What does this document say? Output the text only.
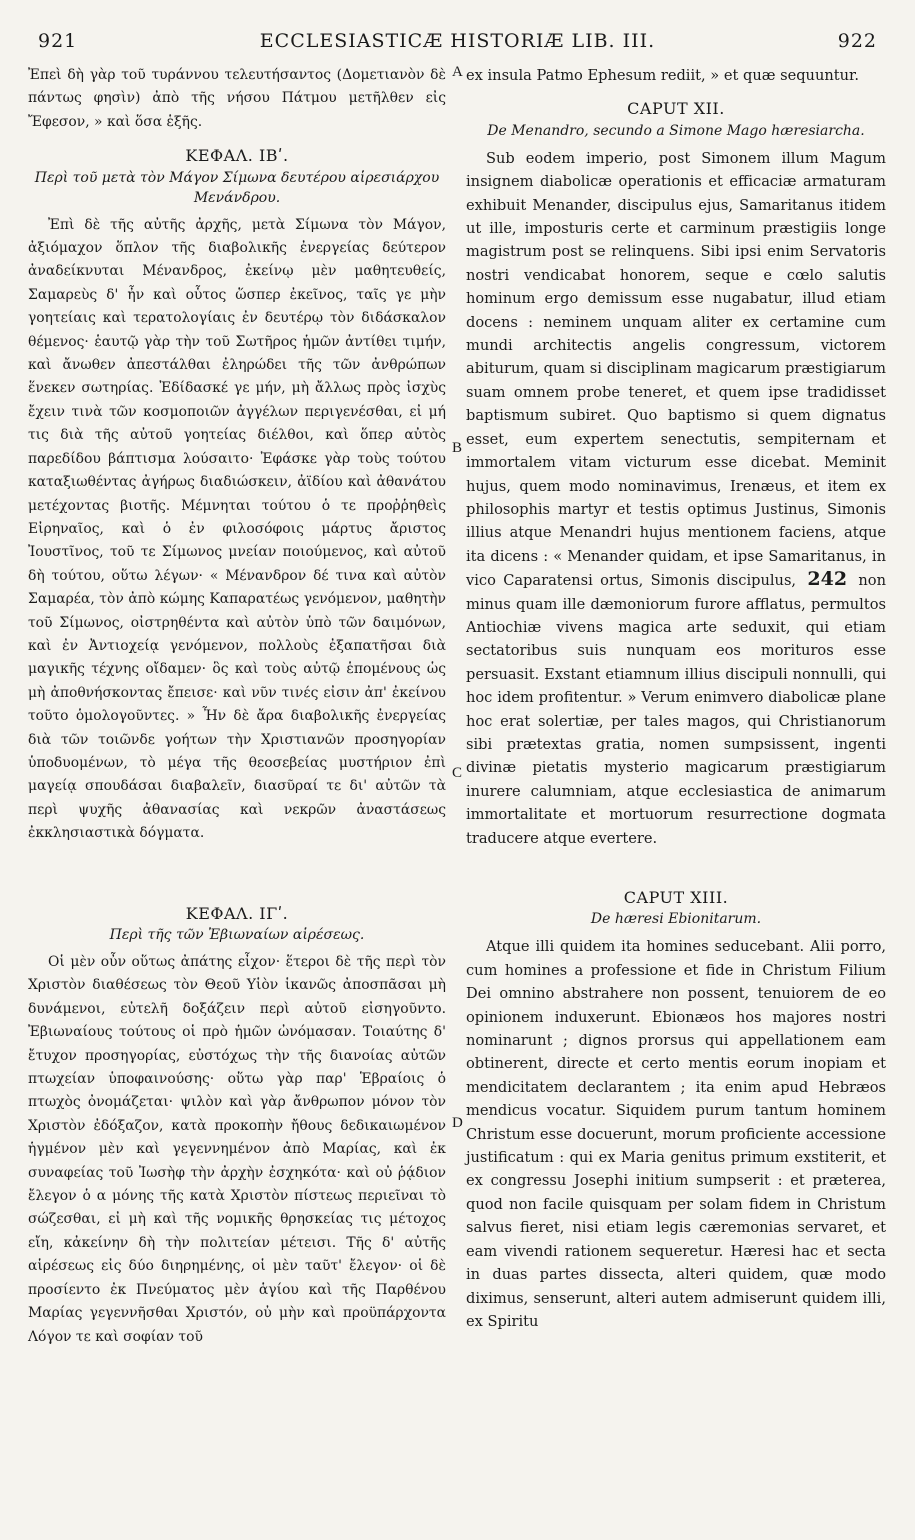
921	ECCLESIASTICÆ HISTORIÆ LIB. III.	922
A
B
C
D

Ἐπεὶ δὴ γὰρ τοῦ τυράννου τελευτήσαντος (Δομετιανὸν δὲ πάντως φησὶν) ἀπὸ τῆς νήσου Πάτμου μετῆλθεν εἰς Ἔφεσον, » καὶ ὅσα ἑξῆς.

ΚΕΦΑΛ. ΙΒʹ.
Περὶ τοῦ μετὰ τὸν Μάγον Σίμωνα δευτέρου αἱρεσιάρχου Μενάνδρου.

Ἐπὶ δὲ τῆς αὐτῆς ἀρχῆς, μετὰ Σίμωνα τὸν Μάγον, ἀξιόμαχον ὅπλον τῆς διαβολικῆς ἐνεργείας δεύτερον ἀναδείκνυται Μένανδρος, ἐκείνῳ μὲν μαθητευθείς, Σαμαρεὺς δ' ἦν καὶ οὗτος ὥσπερ ἐκεῖνος, ταῖς γε μὴν γοητείαις καὶ τερατολογίαις ἐν δευτέρῳ τὸν διδάσκαλον θέμενος· ἑαυτῷ γὰρ τὴν τοῦ Σωτῆρος ἡμῶν ἀντίθει τιμήν, καὶ ἄνωθεν ἀπεστάλθαι ἐληρώδει τῆς τῶν ἀνθρώπων ἕνεκεν σωτηρίας. Ἐδίδασκέ γε μήν, μὴ ἄλλως πρὸς ἰσχὺς ἔχειν τινὰ τῶν κοσμοποιῶν ἀγγέλων περιγενέσθαι, εἰ μή τις διὰ τῆς αὐτοῦ γοητείας διέλθοι, καὶ ὅπερ αὐτὸς παρεδίδου βάπτισμα λούσαιτο· Ἐφάσκε γὰρ τοὺς τούτου καταξιωθέντας ἀγήρως διαδιώσκειν, ἀϊδίου καὶ ἀθανάτου μετέχοντας βιοτῆς. Μέμνηται τούτου ὁ τε προῤῥηθεὶς Εἰρηναῖος, καὶ ὁ ἐν φιλοσόφοις μάρτυς ἄριστος Ἰουστῖνος, τοῦ τε Σίμωνος μνείαν ποιούμενος, καὶ αὐτοῦ δὴ τούτου, οὕτω λέγων· « Μένανδρον δέ τινα καὶ αὐτὸν Σαμαρέα, τὸν ἀπὸ κώμης Καπαρατέως γενόμενον, μαθητὴν τοῦ Σίμωνος, οἰστρηθέντα καὶ αὐτὸν ὑπὸ τῶν δαιμόνων, καὶ ἐν Ἀντιοχείᾳ γενόμενον, πολλοὺς ἐξαπατῆσαι διὰ μαγικῆς τέχνης οἴδαμεν· ὃς καὶ τοὺς αὐτῷ ἑπομένους ὡς μὴ ἀποθνήσκοντας ἔπεισε· καὶ νῦν τινές εἰσιν ἀπ' ἐκείνου τοῦτο ὁμολογοῦντες. » Ἦν δὲ ἄρα διαβολικῆς ἐνεργείας διὰ τῶν τοιῶνδε γοήτων τὴν Χριστιανῶν προσηγορίαν ὑποδυομένων, τὸ μέγα τῆς θεοσεβείας μυστήριον ἐπὶ μαγείᾳ σπουδάσαι διαβαλεῖν, διασῦραί τε δι' αὐτῶν τὰ περὶ ψυχῆς ἀθανασίας καὶ νεκρῶν ἀναστάσεως ἐκκλησιαστικὰ δόγματα.

ΚΕΦΑΛ. ΙΓʹ.
Περὶ τῆς τῶν Ἐβιωναίων αἱρέσεως.

Οἱ μὲν οὖν οὕτως ἀπάτης εἶχον· ἕτεροι δὲ τῆς περὶ τὸν Χριστὸν διαθέσεως τὸν Θεοῦ Υἱὸν ἱκανῶς ἀποσπᾶσαι μὴ δυνάμενοι, εὐτελῆ δοξάζειν περὶ αὐτοῦ εἰσηγοῦντο. Ἐβιωναίους τούτους οἱ πρὸ ἡμῶν ὠνόμασαν. Τοιαύτης δ' ἔτυχον προσηγορίας, εὐστόχως τὴν τῆς διανοίας αὐτῶν πτωχείαν ὑποφαινούσης· οὕτω γὰρ παρ' Ἑβραίοις ὁ πτωχὸς ὀνομάζεται· ψιλὸν καὶ γὰρ ἄνθρωπον μόνον τὸν Χριστὸν ἐδόξαζον, κατὰ προκοπὴν ἤθους δεδικαιωμένον ἡγμένον μὲν καὶ γεγεννημένον ἀπὸ Μαρίας, καὶ ἐκ συναφείας τοῦ Ἰωσὴφ τὴν ἀρχὴν ἐσχηκότα· καὶ οὐ ῥᾴδιον ἔλεγον ὁ α μόνης τῆς κατὰ Χριστὸν πίστεως περιεῖναι τὸ σώζεσθαι, εἰ μὴ καὶ τῆς νομικῆς θρησκείας τις μέτοχος εἴη, κἀκείνην δὴ τὴν πολιτείαν μέτεισι. Τῆς δ' αὐτῆς αἱρέσεως εἰς δύο διηρημένης, οἱ μὲν ταῦτ' ἔλεγον· οἱ δὲ προσίεντο ἐκ Πνεύματος μὲν ἁγίου καὶ τῆς Παρθένου Μαρίας γεγεννῆσθαι Χριστόν, οὐ μὴν καὶ προϋπάρχοντα Λόγον τε καὶ σοφίαν τοῦ

ex insula Patmo Ephesum rediit, » et quæ sequuntur.

CAPUT XII.
De Menandro, secundo a Simone Mago hæresiarcha.

Sub eodem imperio, post Simonem illum Magum insignem diabolicæ operationis et efficaciæ armaturam exhibuit Menander, discipulus ejus, Samaritanus itidem ut ille, imposturis certe et carminum præstigiis longe magistrum post se relinquens. Sibi ipsi enim Servatoris nostri vendicabat honorem, seque e cœlo salutis hominum ergo demissum esse nugabatur, illud etiam docens : neminem unquam aliter ex certamine cum mundi architectis angelis congressum, victorem abiturum, quam si disciplinam magicarum præstigiarum suam omnem probe teneret, et quem ipse tradidisset baptismum subiret. Quo baptismo si quem dignatus esset, eum expertem senectutis, sempiternam et immortalem vitam victurum esse dicebat. Meminit hujus, quem modo nominavimus, Irenæus, et item ex philosophis martyr et testis optimus Justinus, Simonis illius atque Menandri hujus mentionem faciens, atque ita dicens : « Menander quidam, et ipse Samaritanus, in vico Caparatensi ortus, Simonis discipulus, 242 non minus quam ille dæmoniorum furore afflatus, permultos Antiochiæ vivens magica arte seduxit, qui etiam sectatoribus suis nunquam eos morituros esse persuasit. Exstant etiamnum illius discipuli nonnulli, qui hoc idem profitentur. » Verum enimvero diabolicæ plane hoc erat solertiæ, per tales magos, qui Christianorum sibi prætextas gratia, nomen sumpsissent, ingenti divinæ pietatis mysterio magicarum præstigiarum inurere calumniam, atque ecclesiastica de animarum immortalitate et mortuorum resurrectione dogmata traducere atque evertere.

CAPUT XIII.
De hæresi Ebionitarum.

Atque illi quidem ita homines seducebant. Alii porro, cum homines a professione et fide in Christum Filium Dei omnino abstrahere non possent, tenuiorem de eo opinionem induxerunt. Ebionæos hos majores nostri nominarunt ; dignos prorsus qui appellationem eam obtinerent, directe et certo mentis eorum inopiam et mendicitatem declarantem ; ita enim apud Hebræos mendicus vocatur. Siquidem purum tantum hominem Christum esse docuerunt, morum proficiente accessione justificatum : qui ex Maria genitus primum exstiterit, et ex congressu Josephi initium sumpserit : et præterea, quod non facile quisquam per solam fidem in Christum salvus fieret, nisi etiam legis cæremonias servaret, et eam vivendi rationem sequeretur. Hæresi hac et secta in duas partes dissecta, alteri quidem, quæ modo diximus, senserunt, alteri autem admiserunt quidem illi, ex Spiritu
